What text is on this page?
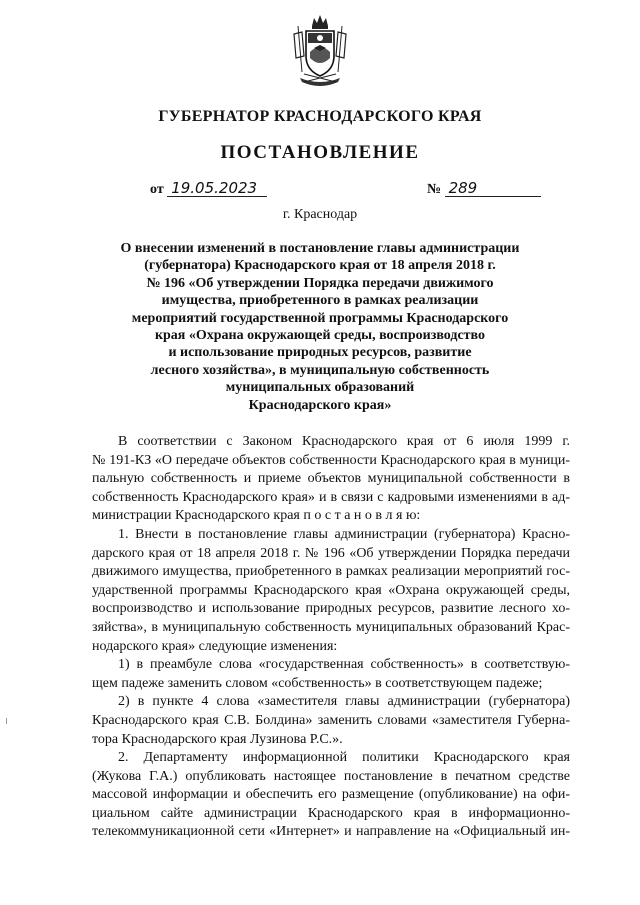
ГУБЕРНАТОР КРАСНОДАРСКОГО КРАЯ
ПОСТАНОВЛЕНИЕ
от 19.05.2023	№ 289
г. Краснодар
О внесении изменений в постановление главы администрации
(губернатора) Краснодарского края от 18 апреля 2018 г.
№ 196 «Об утверждении Порядка передачи движимого
имущества, приобретенного в рамках реализации
мероприятий государственной программы Краснодарского
края «Охрана окружающей среды, воспроизводство
и использование природных ресурсов, развитие
лесного хозяйства», в муниципальную собственность
муниципальных образований
Краснодарского края»
В соответствии с Законом Краснодарского края от 6 июля 1999 г.
№ 191-КЗ «О передаче объектов собственности Краснодарского края в муници-
пальную собственность и приеме объектов муниципальной собственности в
собственность Краснодарского края» и в связи с кадровыми изменениями в ад-
министрации Краснодарского края п о с т а н о в л я ю:
1. Внести в постановление главы администрации (губернатора) Красно-
дарского края от 18 апреля 2018 г. № 196 «Об утверждении Порядка передачи
движимого имущества, приобретенного в рамках реализации мероприятий гос-
ударственной программы Краснодарского края «Охрана окружающей среды,
воспроизводство и использование природных ресурсов, развитие лесного хо-
зяйства», в муниципальную собственность муниципальных образований Крас-
нодарского края» следующие изменения:
1) в преамбуле слова «государственная собственность» в соответствую-
щем падеже заменить словом «собственность» в соответствующем падеже;
2) в пункте 4 слова «заместителя главы администрации (губернатора)
Краснодарского края С.В. Болдина» заменить словами «заместителя Губерна-
тора Краснодарского края Лузинова Р.С.».
2. Департаменту информационной политики Краснодарского края
(Жукова Г.А.) опубликовать настоящее постановление в печатном средстве
массовой информации и обеспечить его размещение (опубликование) на офи-
циальном сайте администрации Краснодарского края в информационно-
телекоммуникационной сети «Интернет» и направление на «Официальный ин-
